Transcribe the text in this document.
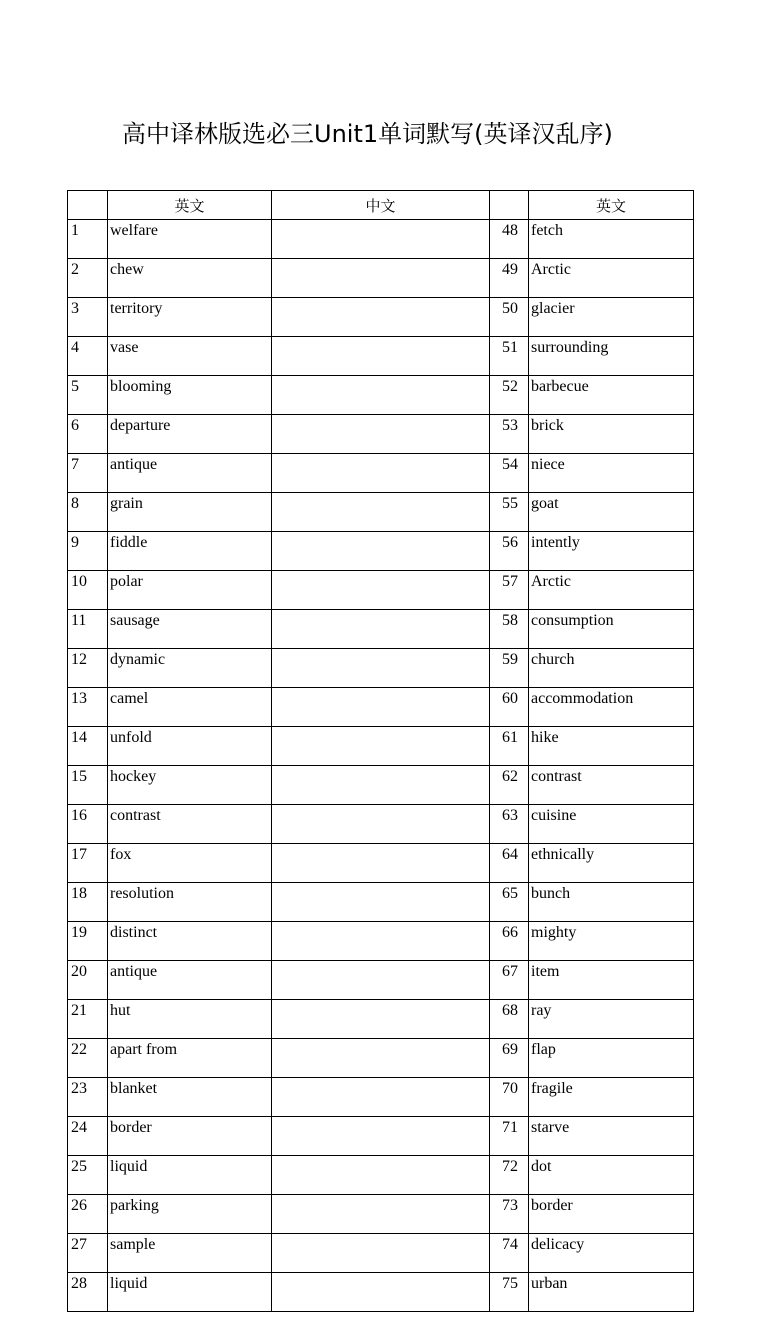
高中译林版选必三Unit1单词默写(英译汉乱序)
	英文	中文		英文
1	welfare		48	fetch
2	chew		49	Arctic
3	territory		50	glacier
4	vase		51	surrounding
5	blooming		52	barbecue
6	departure		53	brick
7	antique		54	niece
8	grain		55	goat
9	fiddle		56	intently
10	polar		57	Arctic
11	sausage		58	consumption
12	dynamic		59	church
13	camel		60	accommodation
14	unfold		61	hike
15	hockey		62	contrast
16	contrast		63	cuisine
17	fox		64	ethnically
18	resolution		65	bunch
19	distinct		66	mighty
20	antique		67	item
21	hut		68	ray
22	apart from		69	flap
23	blanket		70	fragile
24	border		71	starve
25	liquid		72	dot
26	parking		73	border
27	sample		74	delicacy
28	liquid		75	urban
